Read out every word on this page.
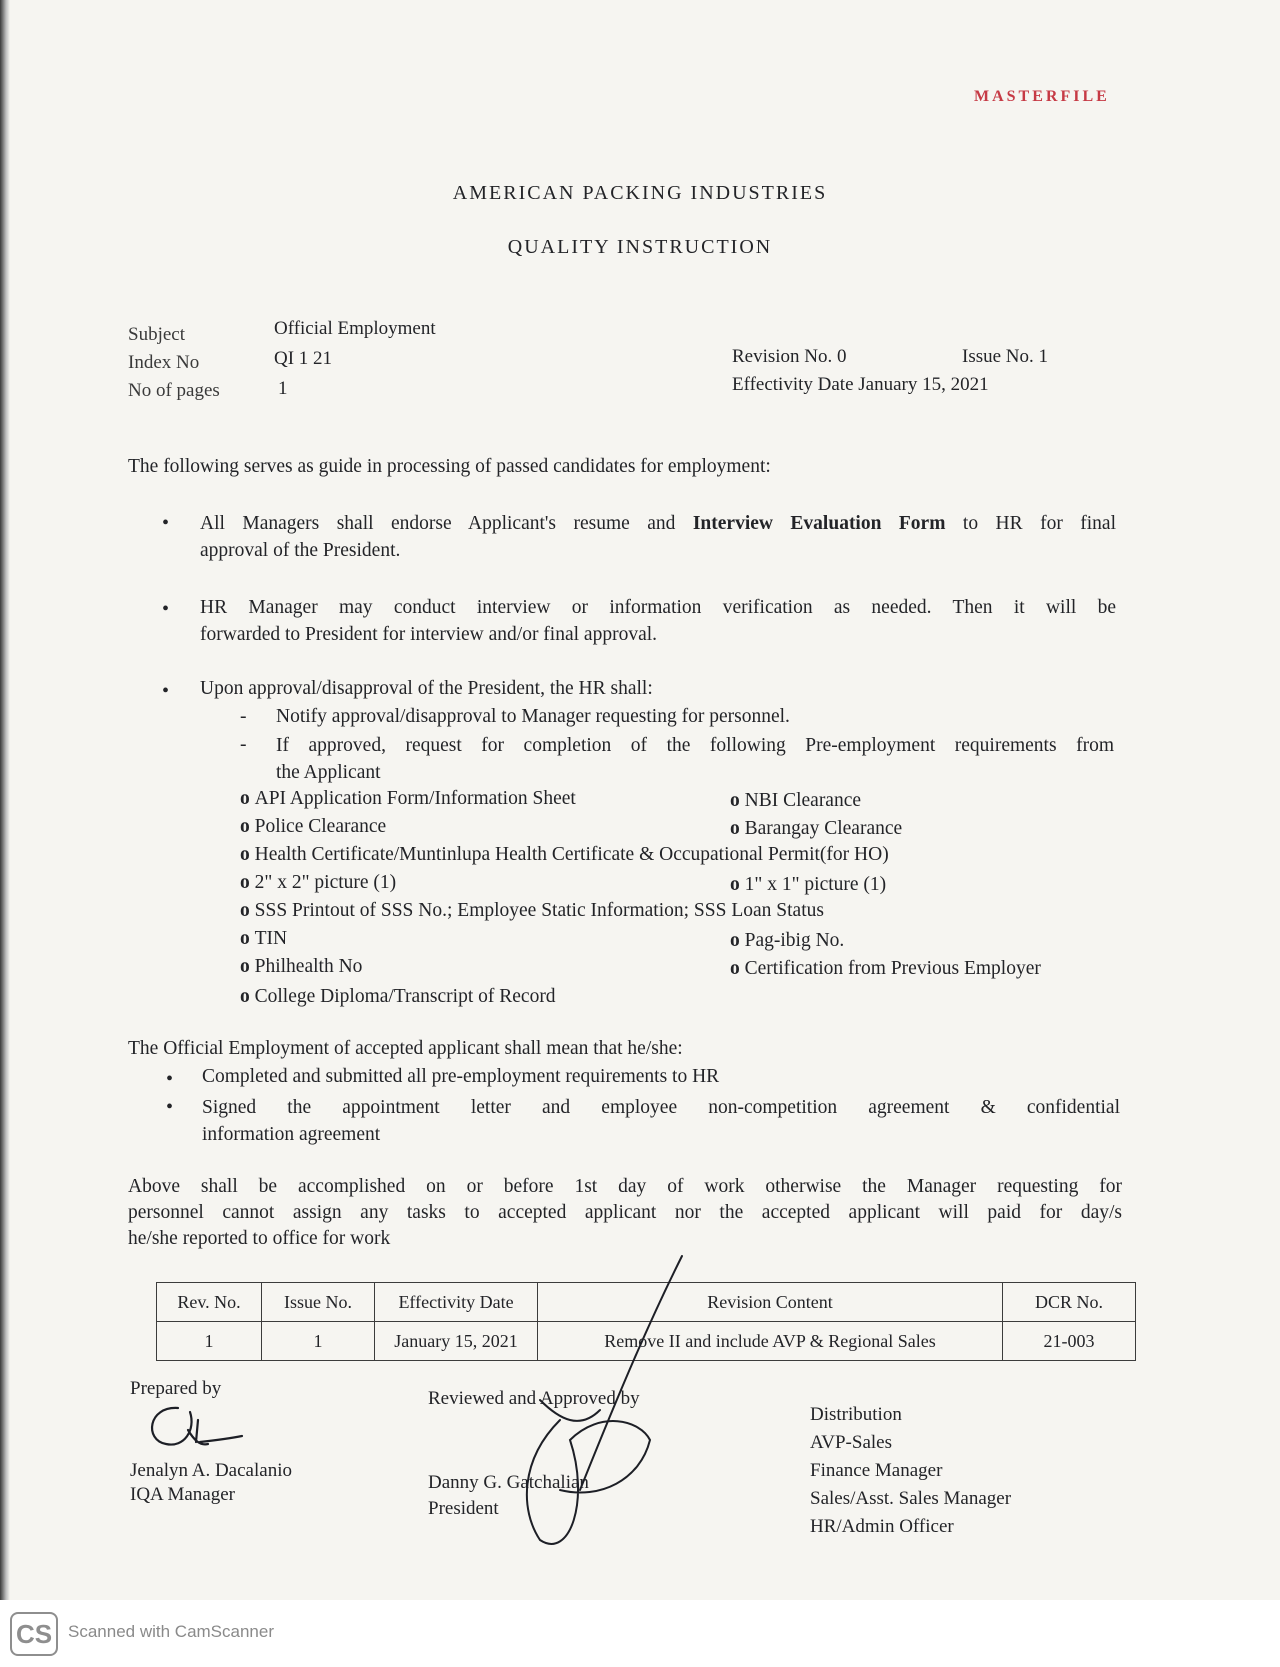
MASTERFILE
AMERICAN PACKING INDUSTRIES
QUALITY INSTRUCTION
Subject	Official Employment
Index No	QI 1 21
No of pages	1
Revision No. 0	Issue No. 1
Effectivity Date January 15, 2021
The following serves as guide in processing of passed candidates for employment:
• All Managers shall endorse Applicant's resume and Interview Evaluation Form to HR for final
approval of the President.
• HR Manager may conduct interview or information verification as needed. Then it will be
forwarded to President for interview and/or final approval.
• Upon approval/disapproval of the President, the HR shall:
- Notify approval/disapproval to Manager requesting for personnel.
- If approved, request for completion of the following Pre-employment requirements from
the Applicant
o API Application Form/Information Sheet	o NBI Clearance
o Police Clearance	o Barangay Clearance
o Health Certificate/Muntinlupa Health Certificate & Occupational Permit(for HO)
o 2" x 2" picture (1)	o 1" x 1" picture (1)
o SSS Printout of SSS No.; Employee Static Information; SSS Loan Status
o TIN	o Pag-ibig No.
o Philhealth No	o Certification from Previous Employer
o College Diploma/Transcript of Record
The Official Employment of accepted applicant shall mean that he/she:
• Completed and submitted all pre-employment requirements to HR
• Signed the appointment letter and employee non-competition agreement & confidential
information agreement
Above shall be accomplished on or before 1st day of work otherwise the Manager requesting for
personnel cannot assign any tasks to accepted applicant nor the accepted applicant will paid for day/s
he/she reported to office for work
Rev. No.	Issue No.	Effectivity Date	Revision Content	DCR No.
1	1	January 15, 2021	Remove II and include AVP & Regional Sales	21-003
Prepared by
Jenalyn A. Dacalanio
IQA Manager
Reviewed and Approved by
Danny G. Gatchalian
President
Distribution
AVP-Sales
Finance Manager
Sales/Asst. Sales Manager
HR/Admin Officer
CS Scanned with CamScanner
